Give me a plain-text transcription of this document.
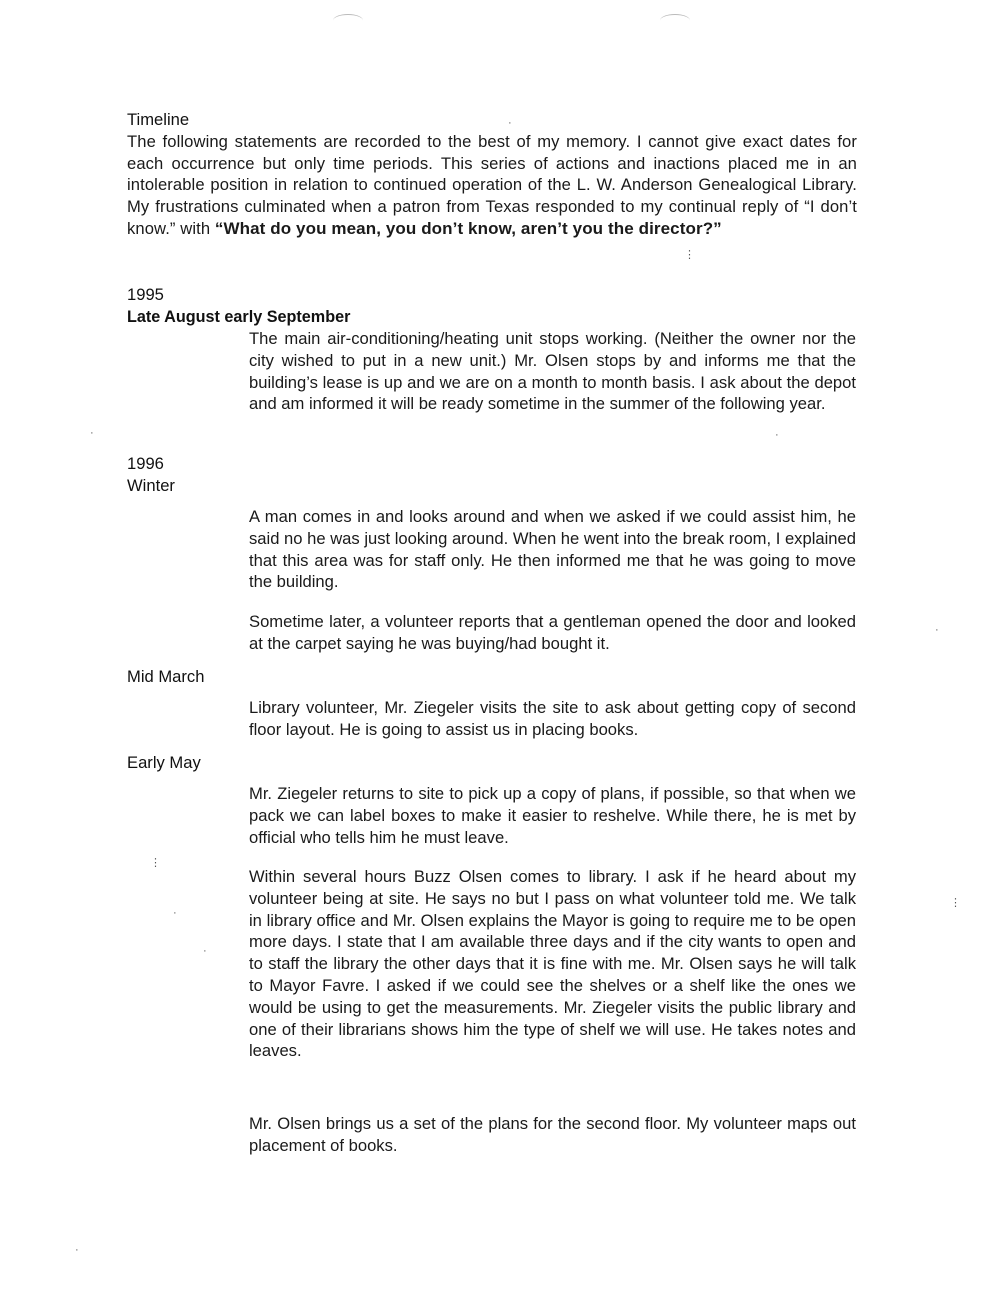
Timeline
The following statements are recorded to the best of my memory. I cannot give exact dates for each occurrence but only time periods. This series of actions and inactions placed me in an intolerable position in relation to continued operation of the L. W. Anderson Genealogical Library. My frustrations culminated when a patron from Texas responded to my continual reply of “I don’t know.” with “What do you mean, you don’t know, aren’t you the director?”
1995
Late August early September

The main air-conditioning/heating unit stops working. (Neither the owner nor the city wished to put in a new unit.) Mr. Olsen stops by and informs me that the building’s lease is up and we are on a month to month basis. I ask about the depot and am informed it will be ready sometime in the summer of the following year.

1996
Winter

A man comes in and looks around and when we asked if we could assist him, he said no he was just looking around. When he went into the break room, I explained that this area was for staff only. He then informed me that he was going to move the building.

Sometime later, a volunteer reports that a gentleman opened the door and looked at the carpet saying he was buying/had bought it.

Mid March

Library volunteer, Mr. Ziegeler visits the site to ask about getting copy of second floor layout. He is going to assist us in placing books.

Early May

Mr. Ziegeler returns to site to pick up a copy of plans, if possible, so that when we pack we can label boxes to make it easier to reshelve. While there, he is met by official who tells him he must leave.

Within several hours Buzz Olsen comes to library. I ask if he heard about my volunteer being at site. He says no but I pass on what volunteer told me. We talk in library office and Mr. Olsen explains the Mayor is going to require me to be open more days. I state that I am available three days and if the city wants to open and to staff the library the other days that it is fine with me. Mr. Olsen says he will talk to Mayor Favre. I asked if we could see the shelves or a shelf like the ones we would be using to get the measurements. Mr. Ziegeler visits the public library and one of their librarians shows him the type of shelf we will use. He takes notes and leaves.

Mr. Olsen brings us a set of the plans for the second floor. My volunteer maps out placement of books.

·
⋮
·	·
·
⋮
·
⋮
·
·
